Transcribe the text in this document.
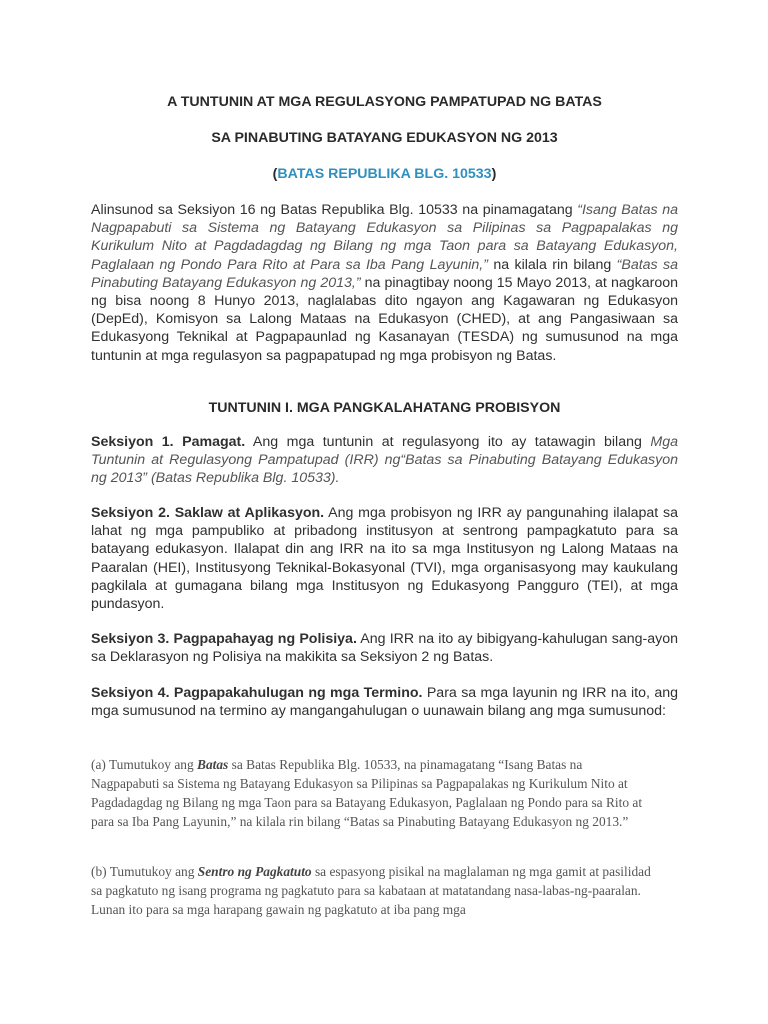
A TUNTUNIN AT MGA REGULASYONG PAMPATUPAD NG BATAS

SA PINABUTING BATAYANG EDUKASYON NG 2013

(BATAS REPUBLIKA BLG. 10533)

Alinsunod sa Seksiyon 16 ng Batas Republika Blg. 10533 na pinamagatang “Isang Batas na Nagpapabuti sa Sistema ng Batayang Edukasyon sa Pilipinas sa Pagpapalakas ng Kurikulum Nito at Pagdadagdag ng Bilang ng mga Taon para sa Batayang Edukasyon, Paglalaan ng Pondo Para Rito at Para sa Iba Pang Layunin,” na kilala rin bilang “Batas sa Pinabuting Batayang Edukasyon ng 2013,” na pinagtibay noong 15 Mayo 2013, at nagkaroon ng bisa noong 8 Hunyo 2013, naglalabas dito ngayon ang Kagawaran ng Edukasyon (DepEd), Komisyon sa Lalong Mataas na Edukasyon (CHED), at ang Pangasiwaan sa Edukasyong Teknikal at Pagpapaunlad ng Kasanayan (TESDA) ng sumusunod na mga tuntunin at mga regulasyon sa pagpapatupad ng mga probisyon ng Batas.

TUNTUNIN I. MGA PANGKALAHATANG PROBISYON

Seksiyon 1. Pamagat. Ang mga tuntunin at regulasyong ito ay tatawagin bilang Mga Tuntunin at Regulasyong Pampatupad (IRR) ng“Batas sa Pinabuting Batayang Edukasyon ng 2013” (Batas Republika Blg. 10533).

Seksiyon 2. Saklaw at Aplikasyon. Ang mga probisyon ng IRR ay pangunahing ilalapat sa lahat ng mga pampubliko at pribadong institusyon at sentrong pampagkatuto para sa batayang edukasyon. Ilalapat din ang IRR na ito sa mga Institusyon ng Lalong Mataas na Paaralan (HEI), Institusyong Teknikal-Bokasyonal (TVI), mga organisasyong may kaukulang pagkilala at gumagana bilang mga Institusyon ng Edukasyong Pangguro (TEI), at mga pundasyon.

Seksiyon 3. Pagpapahayag ng Polisiya. Ang IRR na ito ay bibigyang-kahulugan sang-ayon sa Deklarasyon ng Polisiya na makikita sa Seksiyon 2 ng Batas.

Seksiyon 4. Pagpapakahulugan ng mga Termino. Para sa mga layunin ng IRR na ito, ang mga sumusunod na termino ay mangangahulugan o uunawain bilang ang mga sumusunod:

(a) Tumutukoy ang Batas sa Batas Republika Blg. 10533, na pinamagatang “Isang Batas na Nagpapabuti sa Sistema ng Batayang Edukasyon sa Pilipinas sa Pagpapalakas ng Kurikulum Nito at Pagdadagdag ng Bilang ng mga Taon para sa Batayang Edukasyon, Paglalaan ng Pondo para sa Rito at para sa Iba Pang Layunin,” na kilala rin bilang “Batas sa Pinabuting Batayang Edukasyon ng 2013.”

(b) Tumutukoy ang Sentro ng Pagkatuto sa espasyong pisikal na maglalaman ng mga gamit at pasilidad sa pagkatuto ng isang programa ng pagkatuto para sa kabataan at matatandang nasa-labas-ng-paaralan. Lunan ito para sa mga harapang gawain ng pagkatuto at iba pang mga
